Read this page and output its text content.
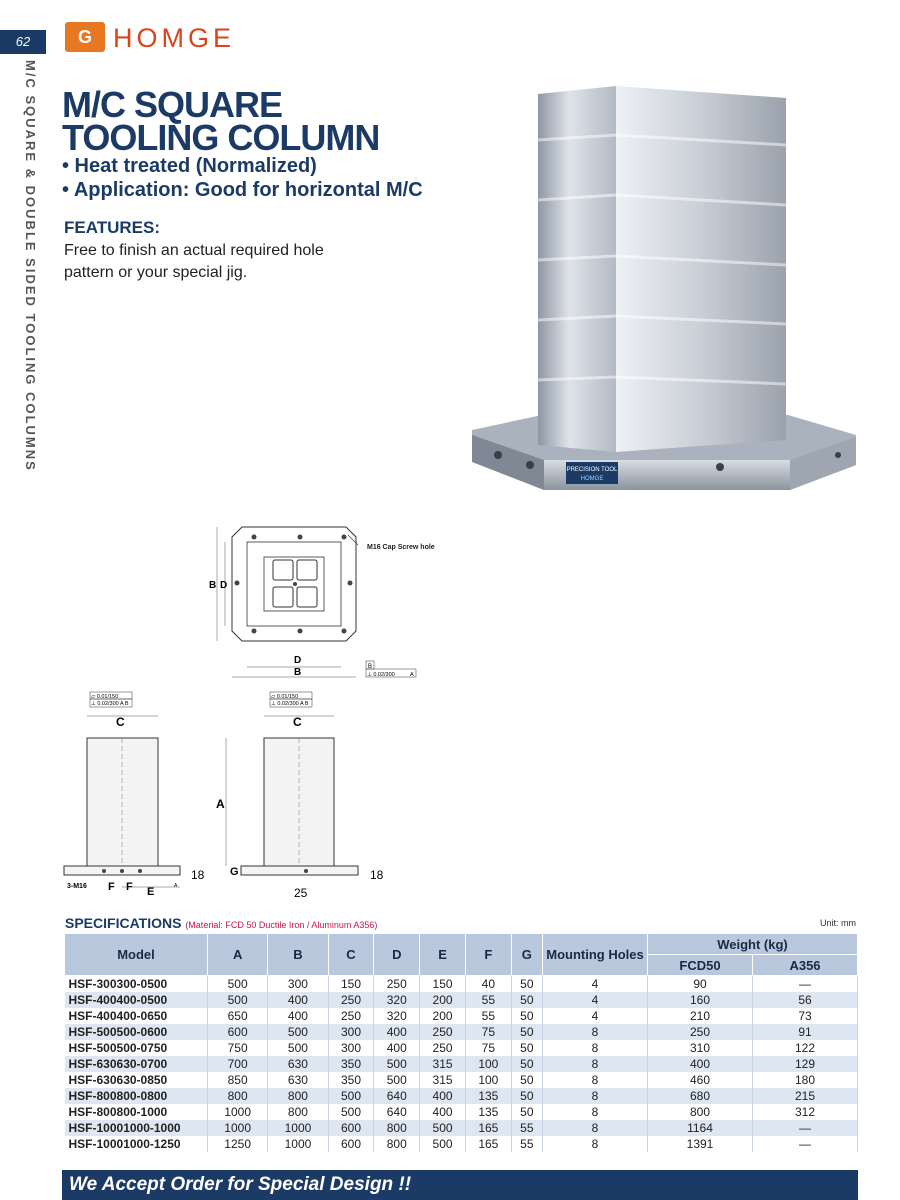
62
M/C SQUARE & DOUBLE SIDED TOOLING COLUMNS
G HOMGE
M/C SQUARE
TOOLING COLUMN
• Heat treated (Normalized)
• Application: Good for horizontal M/C
FEATURES:
Free to finish an actual required hole pattern or your special jig.
PRECISION TOOL
HOMGE
M16 Cap Screw hole
B D
D
B	B
⊥ 0.02/300	A
⏥ 0.01/150
⊥ 0.02/300 A B
C
18
3-M16 F F E	A
⏥ 0.01/150
⊥ 0.02/300 A B
C
A
G	18
25
SPECIFICATIONS (Material: FCD 50 Ductile Iron / Aluminum A356)	Unit: mm
Model	A	B	C	D	E	F	G	Mounting Holes	Weight (kg)	
									FCD50	A356
HSF-300300-0500	500	300	150	250	150	40	50	4	90	—
HSF-400400-0500	500	400	250	320	200	55	50	4	160	56
HSF-400400-0650	650	400	250	320	200	55	50	4	210	73
HSF-500500-0600	600	500	300	400	250	75	50	8	250	91
HSF-500500-0750	750	500	300	400	250	75	50	8	310	122
HSF-630630-0700	700	630	350	500	315	100	50	8	400	129
HSF-630630-0850	850	630	350	500	315	100	50	8	460	180
HSF-800800-0800	800	800	500	640	400	135	50	8	680	215
HSF-800800-1000	1000	800	500	640	400	135	50	8	800	312
HSF-10001000-1000	1000	1000	600	800	500	165	55	8	1164	—
HSF-10001000-1250	1250	1000	600	800	500	165	55	8	1391	—
We Accept Order for Special Design !!
